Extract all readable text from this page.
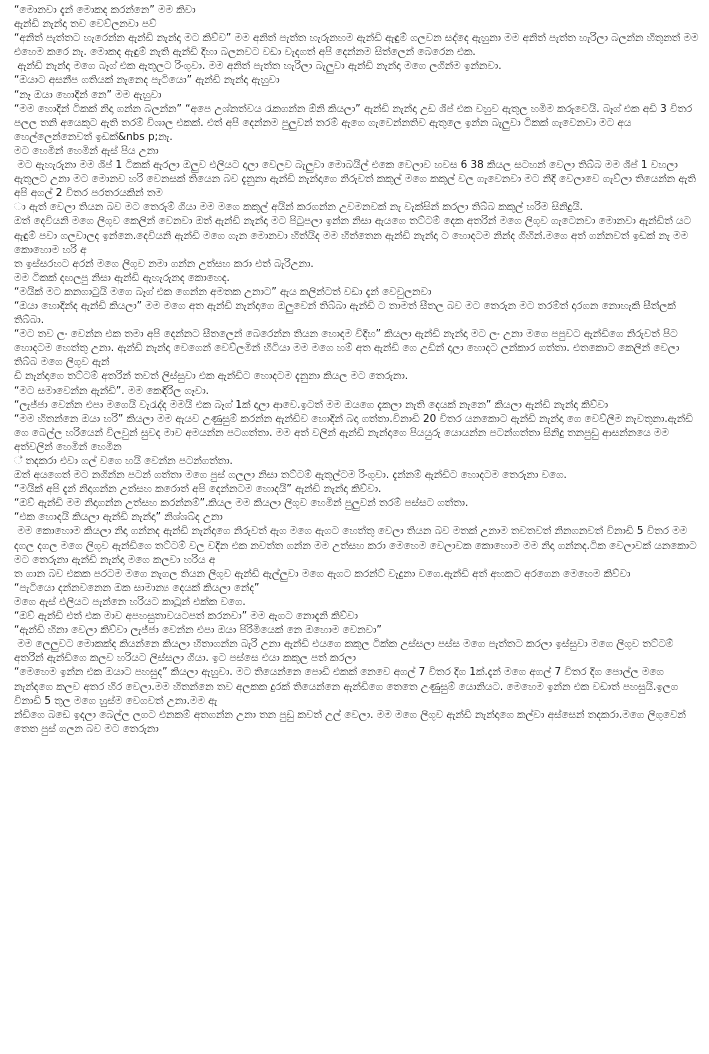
“මොනවා දැන් මොකද කරන්නෙ” මම කිවා

ඇන්ඩි නැන්දා තව වෙව්ලනවා පව්

“අනිත් පැත්තට හැරෙන්න ඇන්ඩි නැන්දා මට කිව්ව” මම අනිත් පැත්ත හැරුනහම ඇන්ඩි ඇඳුම් ගලවන සද්දෙ ඇහුනා මම අනිත් පැත්ත හැරිලා බලන්න හිතුනත් මම එහෙම කරෙ නැ. මොකද ඇඳුම් නැති ඇන්ඩි දිහා බලනවට වඩා වැදගත් අපි දෙන්නම සිත්ලෙන් බෙරෙන එක.

ඇන්ඩි නැන්දා මගෙ බෑග් එක ඇතුලට රිංගුවා. මම අනිත් පැත්ත හැරිලා බැලුවා ඇන්ඩි නැන්දා මගෙ ලගින්ම ඉන්නවා.

“ඔයාට අසනීප ගතියක් නැනෙද පැටියො” ඇන්ඩි නැන්දා ඇහුවා

“නෑ ඔයා හොදින් නෙ” මම ඇහුවා

“මම හොදින් ටිකක් නිදා ගන්න බලන්න” “අපෙ උශ්නත්වය රැකගන්න ඕනි කියලා” ඇන්ඩි නැන්දා උඩ ශිප් එක වහුව ඇතුල හමිම කරුවෙයි. බෑග් එක අඩි 3 විතර පලල තනි අයෙකුට ඇති තරම් විශාල එකක්. එත් අපි දෙන්නම පුලුවන් තරම් ඇගෙ ගැවෙන්නතිව ඇතුලෙ ඉන්න බැලුවා ටිකක් ගැවෙනවා මට අය හෙල්ලෙන්නෙවත් ඉඩක්&nbs p;නැ.

මට හෙමින් හෙමින් ඇස් පිය උනා

මට ඇහැරුනා මම ශිප් 1 ටිකක් ඇරලා ඔලුව එලියට දාලා වෙලව බැලුවා මොබයිල් එකෙ වෙලාව හවස 6 38 කියල සටහන් වෙලා තිබ්බ මම ශිප් 1 වහලා ඇතුලට උනා මට මොනව හරි වෙනසක් තියෙන බව දැනුනා ඇන්ඩි නැන්දාගෙ නිරුවත් කකුල් මගෙ කකුල් වල ගැවෙනවා මට නිදි වෙලාවෙ ගැව්ලා තියෙන්න ඇති අපි අගල් 2 විතර පරතරයකින් තම

ා ඇත් වෙලා තියන බව මට තෙරුම් ගියා මම මගෙ කකුල් අයින් කරගන්න උවමනවක් නැ වැක්සින් කරලා තිබ්බ කකුල් හරිම සිනිදුයි.

ඔත් දෙවියනි මගෙ ලිගුව කෙලින් වෙනවා ඔත් ඇන්ඩි නැන්දා මට පිටුපලා ඉන්න නිසා ඇයගෙ තට්ටම් දෙක අතරින් මගෙ ලිගුව ගැටෙනවා මොනවා ඇන්ඩිත් යට ඇඳුම් පවා ගලවාලද ඉන්නෙ.දෙවියනි ඇන්ඩි මගෙ ගැන මොනවා හිත්යිද මම හිත්තෙන ඇන්ඩි නැන්දා ට හොදටම නින්ද ගිහින්.මගෙ අත් ගන්නවත් ඉඩක් නැ මම කොහොම හරි අ

ත ඉස්සරහට අරන් මගෙ ලිගුව නමා ගන්න උත්සහ කරා එත් බැරිඋනා.

මම ටිකක් දඟලපු නිසා ඇන්ඩි ඇහැරුනද කොහෙද.

“මයික් මට කනගාටුයි මගෙ බෑග් එක ගෙන්න අමතක උනාට” ඇය කලින්ටත් වඩා දැන් වෙවුලනවා

“ඔයා හොදින්ද ඇන්ඩි කියලා” මම මගෙ අත ඇන්ඩි නැන්දාගෙ ඔලුවෙන් තිබ්බා ඇන්ඩි ට තාමත් සීතල බව මට තෙරුන මට තරම්ත් දාරගන නොහැකි සීත්ලක් තිබ්බා.

“මට තව ලං වෙන්න එක තමා අපි දෙන්නට සීතලෙන් බෙරෙන්න තියන හොදම විදිහ” කියලා ඇන්ඩි නැන්දා මට ලං උනා මගෙ පපුවට ඇන්ඩිගෙ නිරුවත් පිට හොදටම හෙත්තු උනා. ඇන්ඩි නැන්දා වෙගෙන් වෙව්ලමින් හිටියා මම මගෙ හම් අත ඇන්ඩි ගෙ උඩින් දාලා හොදට ලන්කාර ගත්තා. එතකොට කෙලින් වෙලා තිබ්බ මගෙ ලිගුව ඇන්

ඩි නැන්දාගෙ තට්ටම් අතරින් තවත් ලිස්සුවා එක ඇන්ඩිට හොදටම දැනුනා කියල මට තෙරුනා.

“මට සමාවෙන්න ඇන්ඩි”. මම කෙඳිරිල ගෑවා.

“ලැජ්ජා වෙන්න එපා මගෙයි වැරැද්ද මමයි එක බෑග් 1ක් දාලා ආවෙ.ඉටත් මම ඔයගෙ දැකලා නැති දෙයක් නැනෙ” කියලා ඇන්ඩි නැන්දා කිව්වා

“මම හිතන්නෙ ඔයා හරි” කියලා මම ඇයව උණුසුම් කරන්න ඇන්ඩිව හොදින් බදා ගත්තා.විනාඩි 20 විතර යනකොට ඇන්ඩි නැන්දා ගෙ වෙව්ලීම නැවතුනා.ඇන්ඩි ගෙ බෙල්ල හරියෙන් විලවුන් සුවද මාව අමයන්න පටගත්තා. මම අත් වලින් ඇන්ඩි නැන්දාගෙ පියයුරු යොයන්න පටන්ගත්තා සිනිදු තනපුඩු ආසන්නයෙ මම අත්වලින් හෙමින් හෙමින

් තදකරා එවා ගල් වගෙ හයි වෙන්න පටන්ගත්තා.

ඔත් අයගෙත් මට නගින්න පටන් ගත්තා මගෙ පුස් ගලලා නිසා තට්ටම් ඇතුල්ටම රිංගුවා. දැන්නම් ඇන්ඩිට හොදටම තෙරුනා වගෙ.

“මයික් අපි දැන් නිදාගන්න උත්සහ කරොත් අපි දෙන්නටම හොදයි” ඇන්ඩි නැන්දා කිව්වා.

“ඔව් ඇන්ඩි මම නිදාගන්න උත්සහ කරන්නම්”.කියල මම කියලා ලිගුව හෙමින් පුලුවන් තරම් පස්සට ගත්තා.

“එක හොදයි කියලා ඇන්ඩි නැන්දා” නිශ්ශබ්ද උනා

මම කොහොම කියලා නිදා ගන්නද ඇන්ඩි නැන්දාගෙ නිරුවත් ඇග මගෙ ඇගට හෙත්තු වෙලා තියන බව මතක් උනාම තවතවත් නිනගනවත් විනාඩි 5 විතර මම දගල දගල මගෙ ලිගුව ඇන්ඩිගෙ තට්ටම් වල වදින එක නවත්ත ගන්න මම උත්සහ කරා මෙහෙම වෙලාවක කොහොම මම නිදා ගන්නද.ටික වෙලාවක් යනකොට මට තෙරුනා ඇන්ඩි නැන්දා මගෙ කලවා හරිය අ

ත ගාන බව එකක පරටම මගෙ නැගල තියන ලිගුව ඇන්ඩි ඇල්ලුවා මගෙ ඇගට කරන්ට් වැදුනා වගෙ.ඇන්ඩි අත් අහකට අරගෙන මෙහෙම කිව්වා

“පැටියො දන්නවනෙන ඔක සාමාන්‍ය දෙයක් කියලා නේද”

මගෙ ඇස් එලියට පැන්නෙ හරියට කාටූන් එක්ක වගෙ.

“ඔව් ඇන්ඩි එත් එක මාව අපහසුතාවයටපත් කරනවා” මම ඇගට නොදැනි කිව්වා

“ඇන්ඩි හිනා වෙලා කිව්වා ලැජ්ජා වෙන්න එපා ඔයා පිරිමියෙක් නෙ ඔහොම වෙනවා”

මම ලෙලුවට මොකක්ද කියන්නෙ කියලා හිතාගන්න බැරි උනා ඇන්ඩි එයගෙ කකුල ටික්ක උස්සලා පස්ස මගෙ පැත්තට කරලා ඉස්සුවා මගෙ ලිගුව තට්ටම් අතරින් ඇන්ඩිගෙ කලව හරියට ලිස්සලා ගියා. ඉට පස්සෙ එයා කකුල පත් කරලා

“මෙහෙම ඉන්න එක ඔයාට පහසුද” කියලා ඇහුවා. මට තියෙන්නෙ පොඩි එකක් නෙවෙ අගල් 7 විතර දිග 1ක්.දැන් මගෙ අගල් 7 විතර දිග පොල්ල මගෙ නැන්දගෙ කලව අතර හිර වෙලා.මම හිතන්නෙ තව අලකක දුරක් තියෙන්නෙ ඇන්ඩිගෙ තෙතෙ උණුසුම් යොනියට. මෙහෙම ඉන්න එක වඩාත් පහසුයි.ඉලග විනාඩි 5 තුල මගෙ හුස්ම වෙගවත් උනා.මම ඇ

න්ඩිගෙ බඩෙ ඉදලා බෙල්ල ලගට එනකම් අතගන්න උනා තන පුඩු කවත් උල් වෙලා. මම මගෙ ලිගුව ඇන්ඩි නැන්දාගෙ කල්වා අස්සෙන් තදකරා.මගෙ ලිගුවෙන් තෙත පුස් ගලන බව මට තෙරුනා
